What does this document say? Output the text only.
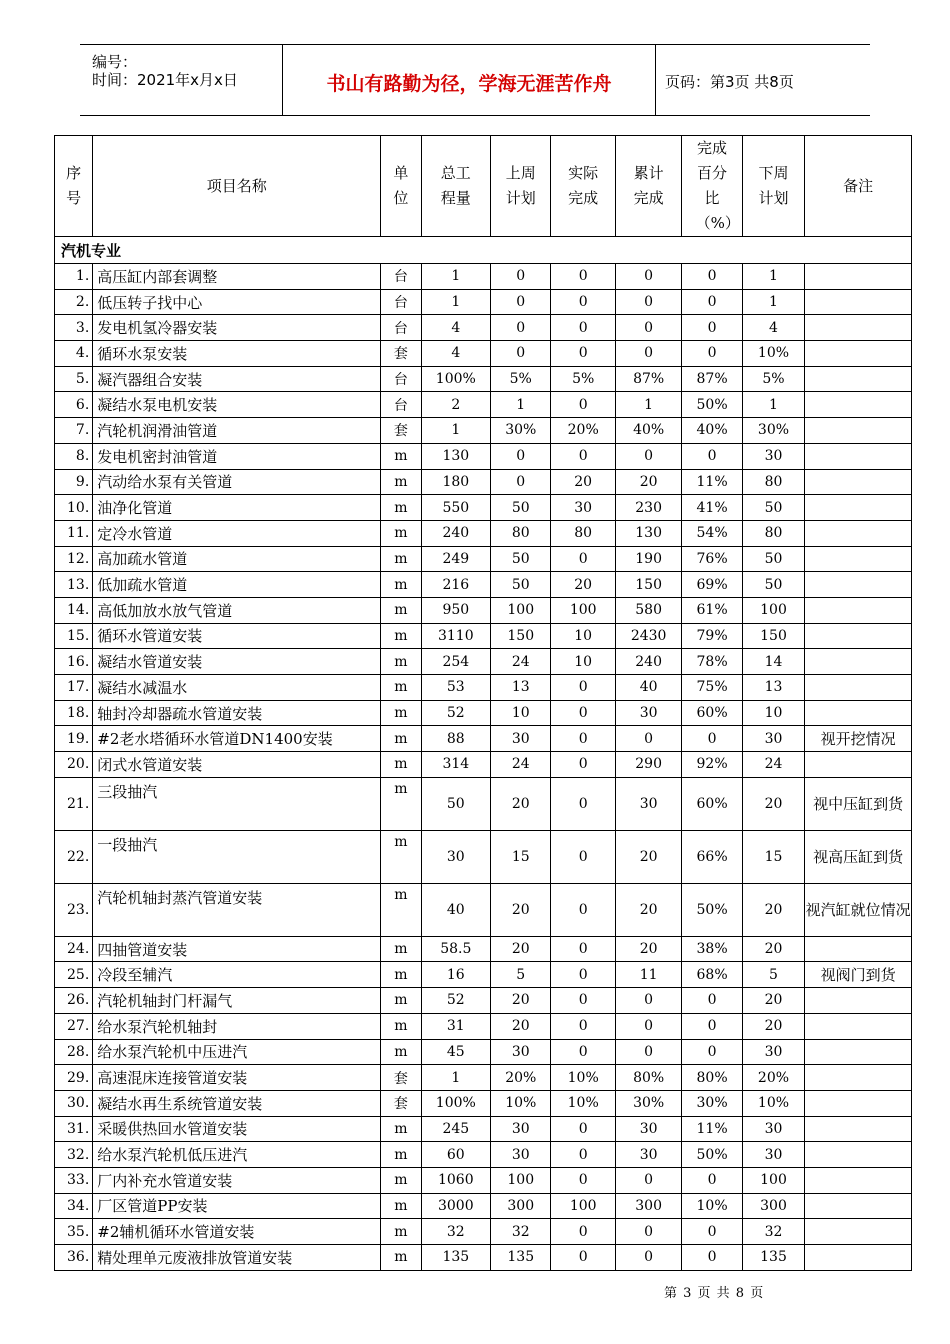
编号：
时间：2021年x月x日	书山有路勤为径，学海无涯苦作舟	页码：第3页 共8页
序号	项目名称	单位	总工程量	上周计划	实际完成	累计完成	完成百分比（%）	下周计划	备注
汽机专业									
1.	高压缸内部套调整	台	1	0	0	0	0	1	
2.	低压转子找中心	台	1	0	0	0	0	1	
3.	发电机氢冷器安装	台	4	0	0	0	0	4	
4.	循环水泵安装	套	4	0	0	0	0	10%	
5.	凝汽器组合安装	台	100%	5%	5%	87%	87%	5%	
6.	凝结水泵电机安装	台	2	1	0	1	50%	1	
7.	汽轮机润滑油管道	套	1	30%	20%	40%	40%	30%	
8.	发电机密封油管道	m	130	0	0	0	0	30	
9.	汽动给水泵有关管道	m	180	0	20	20	11%	80	
10.	油净化管道	m	550	50	30	230	41%	50	
11.	定冷水管道	m	240	80	80	130	54%	80	
12.	高加疏水管道	m	249	50	0	190	76%	50	
13.	低加疏水管道	m	216	50	20	150	69%	50	
14.	高低加放水放气管道	m	950	100	100	580	61%	100	
15.	循环水管道安装	m	3110	150	10	2430	79%	150	
16.	凝结水管道安装	m	254	24	10	240	78%	14	
17.	凝结水减温水	m	53	13	0	40	75%	13	
18.	轴封冷却器疏水管道安装	m	52	10	0	30	60%	10	
19.	#2老水塔循环水管道DN1400安装	m	88	30	0	0	0	30	视开挖情况
20.	闭式水管道安装	m	314	24	0	290	92%	24	
21.	三段抽汽	m	50	20	0	30	60%	20	视中压缸到货
22.	一段抽汽	m	30	15	0	20	66%	15	视高压缸到货
23.	汽轮机轴封蒸汽管道安装	m	40	20	0	20	50%	20	视汽缸就位情况
24.	四抽管道安装	m	58.5	20	0	20	38%	20	
25.	冷段至辅汽	m	16	5	0	11	68%	5	视阀门到货
26.	汽轮机轴封门杆漏气	m	52	20	0	0	0	20	
27.	给水泵汽轮机轴封	m	31	20	0	0	0	20	
28.	给水泵汽轮机中压进汽	m	45	30	0	0	0	30	
29.	高速混床连接管道安装	套	1	20%	10%	80%	80%	20%	
30.	凝结水再生系统管道安装	套	100%	10%	10%	30%	30%	10%	
31.	采暖供热回水管道安装	m	245	30	0	30	11%	30	
32.	给水泵汽轮机低压进汽	m	60	30	0	30	50%	30	
33.	厂内补充水管道安装	m	1060	100	0	0	0	100	
34.	厂区管道PP安装	m	3000	300	100	300	10%	300	
35.	#2辅机循环水管道安装	m	32	32	0	0	0	32	
36.	精处理单元废液排放管道安装	m	135	135	0	0	0	135	
第 3 页 共 8 页
